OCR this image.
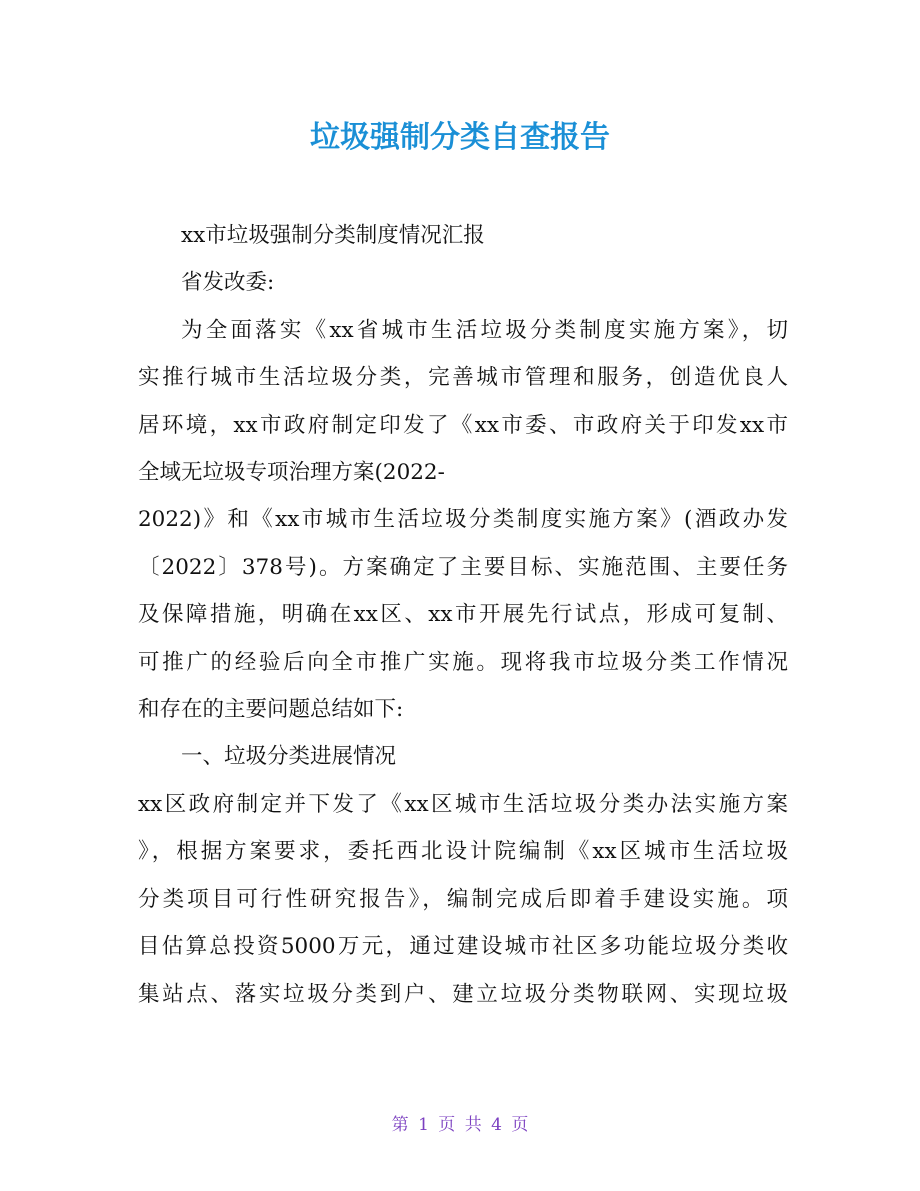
垃圾强制分类自查报告

xx市垃圾强制分类制度情况汇报

省发改委:

为全面落实《xx省城市生活垃圾分类制度实施方案》，切
实推行城市生活垃圾分类，完善城市管理和服务，创造优良人
居环境，xx市政府制定印发了《xx市委、市政府关于印发xx市
全域无垃圾专项治理方案(2022-
2022)》和《xx市城市生活垃圾分类制度实施方案》(酒政办发
〔2022〕378号)。方案确定了主要目标、实施范围、主要任务
及保障措施，明确在xx区、xx市开展先行试点，形成可复制、
可推广的经验后向全市推广实施。现将我市垃圾分类工作情况
和存在的主要问题总结如下:

一、垃圾分类进展情况

xx区政府制定并下发了《xx区城市生活垃圾分类办法实施方案
》，根据方案要求，委托西北设计院编制《xx区城市生活垃圾
分类项目可行性研究报告》，编制完成后即着手建设实施。项
目估算总投资5000万元，通过建设城市社区多功能垃圾分类收
集站点、落实垃圾分类到户、建立垃圾分类物联网、实现垃圾

第 1 页 共 4 页
